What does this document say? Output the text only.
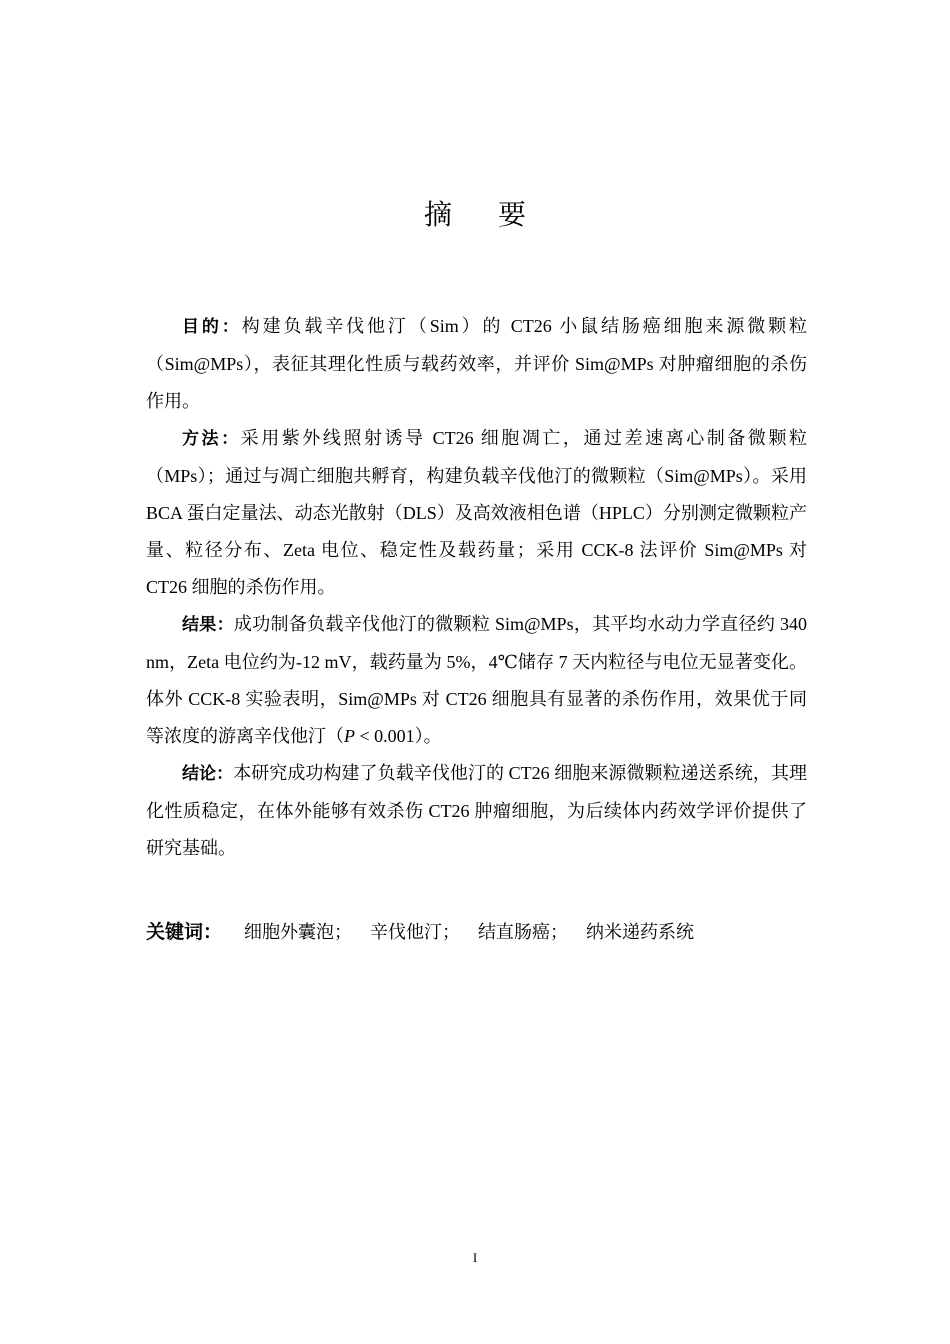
摘要

目的：构建负载辛伐他汀（Sim）的 CT26 小鼠结肠癌细胞来源微颗粒（Sim@MPs），表征其理化性质与载药效率，并评价 Sim@MPs 对肿瘤细胞的杀伤作用。

方法：采用紫外线照射诱导 CT26 细胞凋亡，通过差速离心制备微颗粒（MPs）；通过与凋亡细胞共孵育，构建负载辛伐他汀的微颗粒（Sim@MPs）。采用 BCA 蛋白定量法、动态光散射（DLS）及高效液相色谱（HPLC）分别测定微颗粒产量、粒径分布、Zeta 电位、稳定性及载药量；采用 CCK-8 法评价 Sim@MPs 对 CT26 细胞的杀伤作用。

结果：成功制备负载辛伐他汀的微颗粒 Sim@MPs，其平均水动力学直径约 340 nm，Zeta 电位约为-12 mV，载药量为 5%，4℃储存 7 天内粒径与电位无显著变化。体外 CCK-8 实验表明，Sim@MPs 对 CT26 细胞具有显著的杀伤作用，效果优于同等浓度的游离辛伐他汀（P < 0.001）。

结论：本研究成功构建了负载辛伐他汀的 CT26 细胞来源微颗粒递送系统，其理化性质稳定，在体外能够有效杀伤 CT26 肿瘤细胞，为后续体内药效学评价提供了研究基础。

关键词： 细胞外囊泡； 辛伐他汀； 结直肠癌； 纳米递药系统
I
